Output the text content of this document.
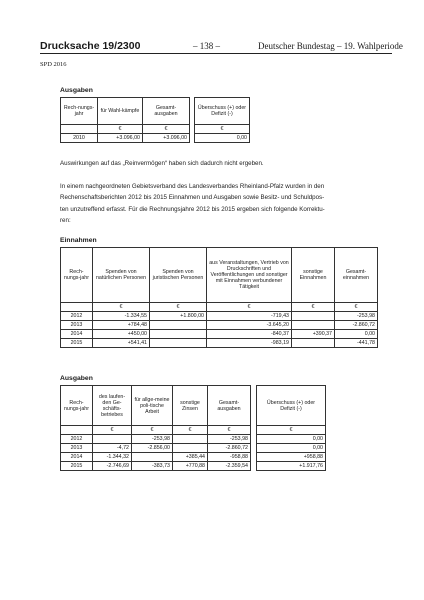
Drucksache 19/2300	– 138 –	Deutscher Bundestag – 19. Wahlperiode
SPD 2016
Ausgaben
Rech-nungs-jahr	für Wahl-kämpfe	Gesamt-ausgaben		Überschuss (+) oder Defizit (-)
	€	€		€
2010	+3.096,00	+3.096,00		0,00
Auswirkungen auf das „Reinvermögen“ haben sich dadurch nicht ergeben.
In einem nachgeordneten Gebietsverband des Landesverbandes Rheinland-Pfalz wurden in den
Rechenschaftsberichten 2012 bis 2015 Einnahmen und Ausgaben sowie Besitz- und Schuldpos-
ten unzutreffend erfasst. Für die Rechnungsjahre 2012 bis 2015 ergeben sich folgende Korrektu-
ren:
Einnahmen
Rech-nungs-jahr	Spenden von natürlichen Personen	Spenden von juristischen Personen	aus Veranstaltungen, Vertrieb von Druckschriften und Veröffentlichungen und sonstiger mit Einnahmen verbundener Tätigkeit	sonstige Einnahmen	Gesamt-einnahmen
	€	€	€	€	€
2012	-1.334,55	+1.800,00	-719,43		-253,98
2013	+784,48		-3.645,20		-2.860,72
2014	+450,00		-840,37	+390,37	0,00
2015	+541,41		-983,19		-441,78
Ausgaben
Rech-nungs-jahr	des laufen-den Ge-schäfts-betriebes	für allge-meine poli-tische Arbeit	sonstige Zinsen	Gesamt-ausgaben		Überschuss (+) oder Defizit (-)
	€	€	€	€		€
2012		-253,98		-253,98		0,00
2013	-4,72	-2.856,00		-2.860,72		0,00
2014	-1.344,32		+385,44	-958,88		+958,88
2015	-2.746,69	-383,73	+770,88	-2.359,54		+1.917,76
